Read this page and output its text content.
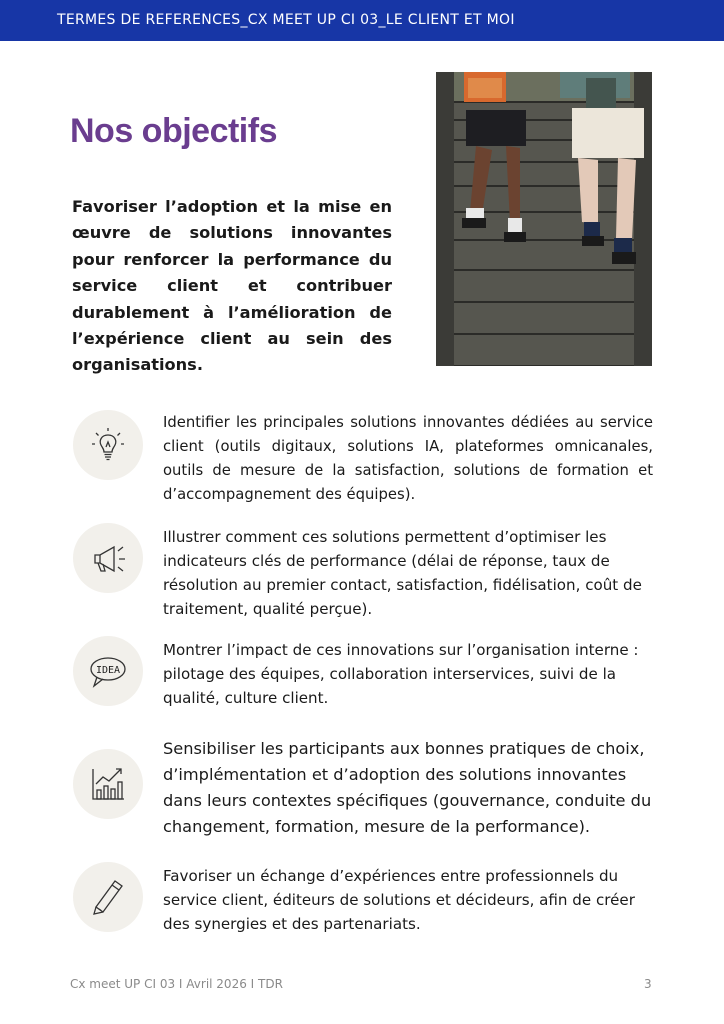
TERMES DE REFERENCES_CX MEET UP CI 03_LE CLIENT ET MOI
Nos objectifs

Favoriser l’adoption et la mise en œuvre de solutions innovantes pour renforcer la performance du service client et contribuer durablement à l’amélioration de l’expérience client au sein des organisations.

Identifier les principales solutions innovantes dédiées au service client (outils digitaux, solutions IA, plateformes omnicanales, outils de mesure de la satisfaction, solutions de formation et d’accompagnement des équipes).

Illustrer comment ces solutions permettent d’optimiser les indicateurs clés de performance (délai de réponse, taux de résolution au premier contact, satisfaction, fidélisation, coût de traitement, qualité perçue).

IDEA

Montrer l’impact de ces innovations sur l’organisation interne : pilotage des équipes, collaboration interservices, suivi de la qualité, culture client.

Sensibiliser les participants aux bonnes pratiques de choix, d’implémentation et d’adoption des solutions innovantes dans leurs contextes spécifiques (gouvernance, conduite du changement, formation, mesure de la performance).

Favoriser un échange d’expériences entre professionnels du service client, éditeurs de solutions et décideurs, afin de créer des synergies et des partenariats.

Cx meet UP CI 03 I Avril 2026 I TDR	3
